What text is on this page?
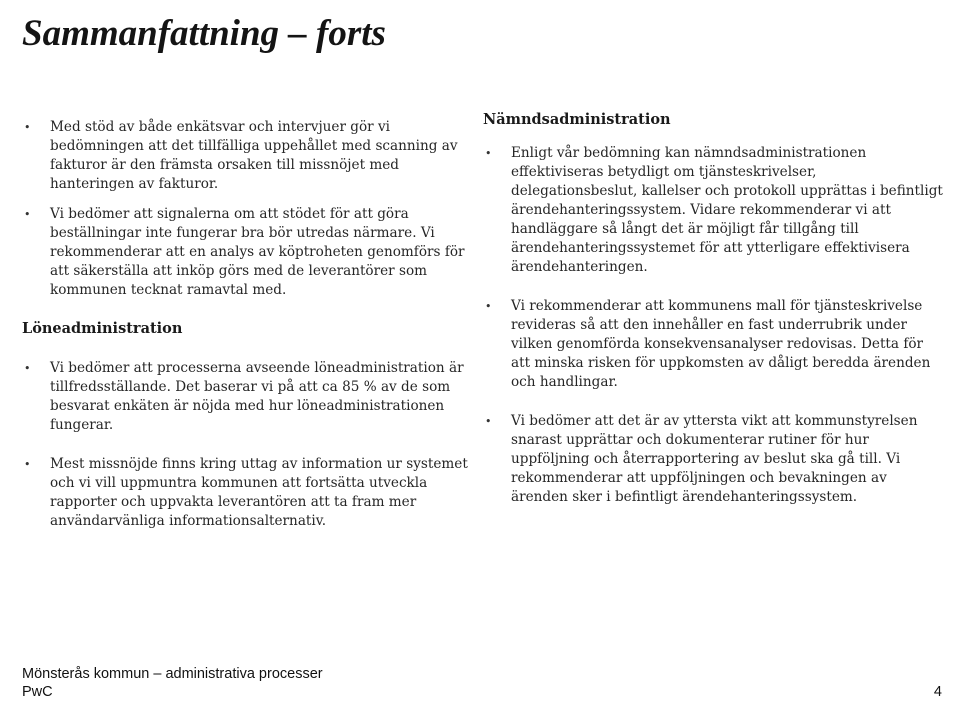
Sammanfattning – forts
• Med stöd av både enkätsvar och intervjuer gör vi bedömningen att det tillfälliga uppehållet med scanning av fakturor är den främsta orsaken till missnöjet med hanteringen av fakturor.
• Vi bedömer att signalerna om att stödet för att göra beställningar inte fungerar bra bör utredas närmare. Vi rekommenderar att en analys av köptroheten genomförs för att säkerställa att inköp görs med de leverantörer som kommunen tecknat ramavtal med.
Löneadministration
• Vi bedömer att processerna avseende löneadministration är tillfredsställande. Det baserar vi på att ca 85 % av de som besvarat enkäten är nöjda med hur löneadministrationen fungerar.
• Mest missnöjde finns kring uttag av information ur systemet och vi vill uppmuntra kommunen att fortsätta utveckla rapporter och uppvakta leverantören att ta fram mer användarvänliga informationsalternativ.
Nämndsadministration
• Enligt vår bedömning kan nämndsadministrationen effektiviseras betydligt om tjänsteskrivelser, delegationsbeslut, kallelser och protokoll upprättas i befintligt ärendehanteringssystem. Vidare rekommenderar vi att handläggare så långt det är möjligt får tillgång till ärendehanteringssystemet för att ytterligare effektivisera ärendehanteringen.
• Vi rekommenderar att kommunens mall för tjänsteskrivelse revideras så att den innehåller en fast underrubrik under vilken genomförda konsekvensanalyser redovisas. Detta för att minska risken för uppkomsten av dåligt beredda ärenden och handlingar.
• Vi bedömer att det är av yttersta vikt att kommunstyrelsen snarast upprättar och dokumenterar rutiner för hur uppföljning och återrapportering av beslut ska gå till. Vi rekommenderar att uppföljningen och bevakningen av ärenden sker i befintligt ärendehanteringssystem.
Mönsterås kommun – administrativa processer
PwC	4
